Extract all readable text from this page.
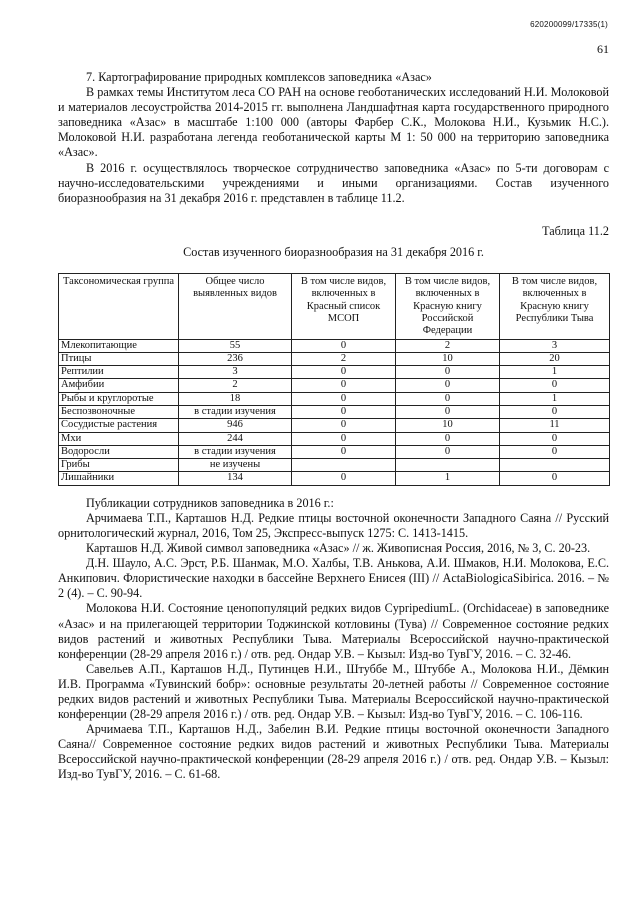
620200099/17335(1)
61

7. Картографирование природных комплексов заповедника «Азас»

В рамках темы Институтом леса СО РАН на основе геоботанических исследований Н.И. Молоковой и материалов лесоустройства 2014-2015 гг. выполнена Ландшафтная карта государственного природного заповедника «Азас» в масштабе 1:100 000 (авторы Фарбер С.К., Молокова Н.И., Кузьмик Н.С.). Молоковой Н.И. разработана легенда геоботанической карты М 1: 50 000 на территорию заповедника «Азас».

В 2016 г. осуществлялось творческое сотрудничество заповедника «Азас» по 5-ти договорам с научно-исследовательскими учреждениями и иными организациями. Состав изученного биоразнообразия на 31 декабря 2016 г. представлен в таблице 11.2.

Таблица 11.2
Состав изученного биоразнообразия на 31 декабря 2016 г.
Таксономическая группа	Общее число выявленных видов	В том числе видов, включенных в Красный список МСОП	В том числе видов, включенных в Красную книгу Российской Федерации	В том числе видов, включенных в Красную книгу Республики Тыва
Млекопитающие	55	0	2	3
Птицы	236	2	10	20
Рептилии	3	0	0	1
Амфибии	2	0	0	0
Рыбы и круглоротые	18	0	0	1
Беспозвоночные	в стадии изучения	0	0	0
Сосудистые растения	946	0	10	11
Мхи	244	0	0	0
Водоросли	в стадии изучения	0	0	0
Грибы	не изучены			
Лишайники	134	0	1	0

Публикации сотрудников заповедника в 2016 г.:

Арчимаева Т.П., Карташов Н.Д. Редкие птицы восточной оконечности Западного Саяна // Русский орнитологический журнал, 2016, Том 25, Экспресс-выпуск 1275: С. 1413-1415.

Карташов Н.Д. Живой символ заповедника «Азас» // ж. Живописная Россия, 2016, № 3, С. 20-23.

Д.Н. Шауло, А.С. Эрст, Р.Б. Шанмак, М.О. Халбы, Т.В. Анькова, А.И. Шмаков, Н.И. Молокова, Е.С. Анкипович. Флористические находки в бассейне Верхнего Енисея (III) // ActaBiologicaSibirica. 2016. – № 2 (4). – С. 90-94.

Молокова Н.И. Состояние ценопопуляций редких видов CypripediumL. (Orchidaceae) в заповеднике «Азас» и на прилегающей территории Тоджинской котловины (Тува) // Современное состояние редких видов растений и животных Республики Тыва. Материалы Всероссийской научно-практической конференции (28-29 апреля 2016 г.) / отв. ред. Ондар У.В. – Кызыл: Изд-во ТувГУ, 2016. – С. 32-46.

Савельев А.П., Карташов Н.Д., Путинцев Н.И., Штуббе М., Штуббе А., Молокова Н.И., Дёмкин И.В. Программа «Тувинский бобр»: основные результаты 20-летней работы // Современное состояние редких видов растений и животных Республики Тыва. Материалы Всероссийской научно-практической конференции (28-29 апреля 2016 г.) / отв. ред. Ондар У.В. – Кызыл: Изд-во ТувГУ, 2016. – С. 106-116.

Арчимаева Т.П., Карташов Н.Д., Забелин В.И. Редкие птицы восточной оконечности Западного Саяна// Современное состояние редких видов растений и животных Республики Тыва. Материалы Всероссийской научно-практической конференции (28-29 апреля 2016 г.) / отв. ред. Ондар У.В. – Кызыл: Изд-во ТувГУ, 2016. – С. 61-68.
